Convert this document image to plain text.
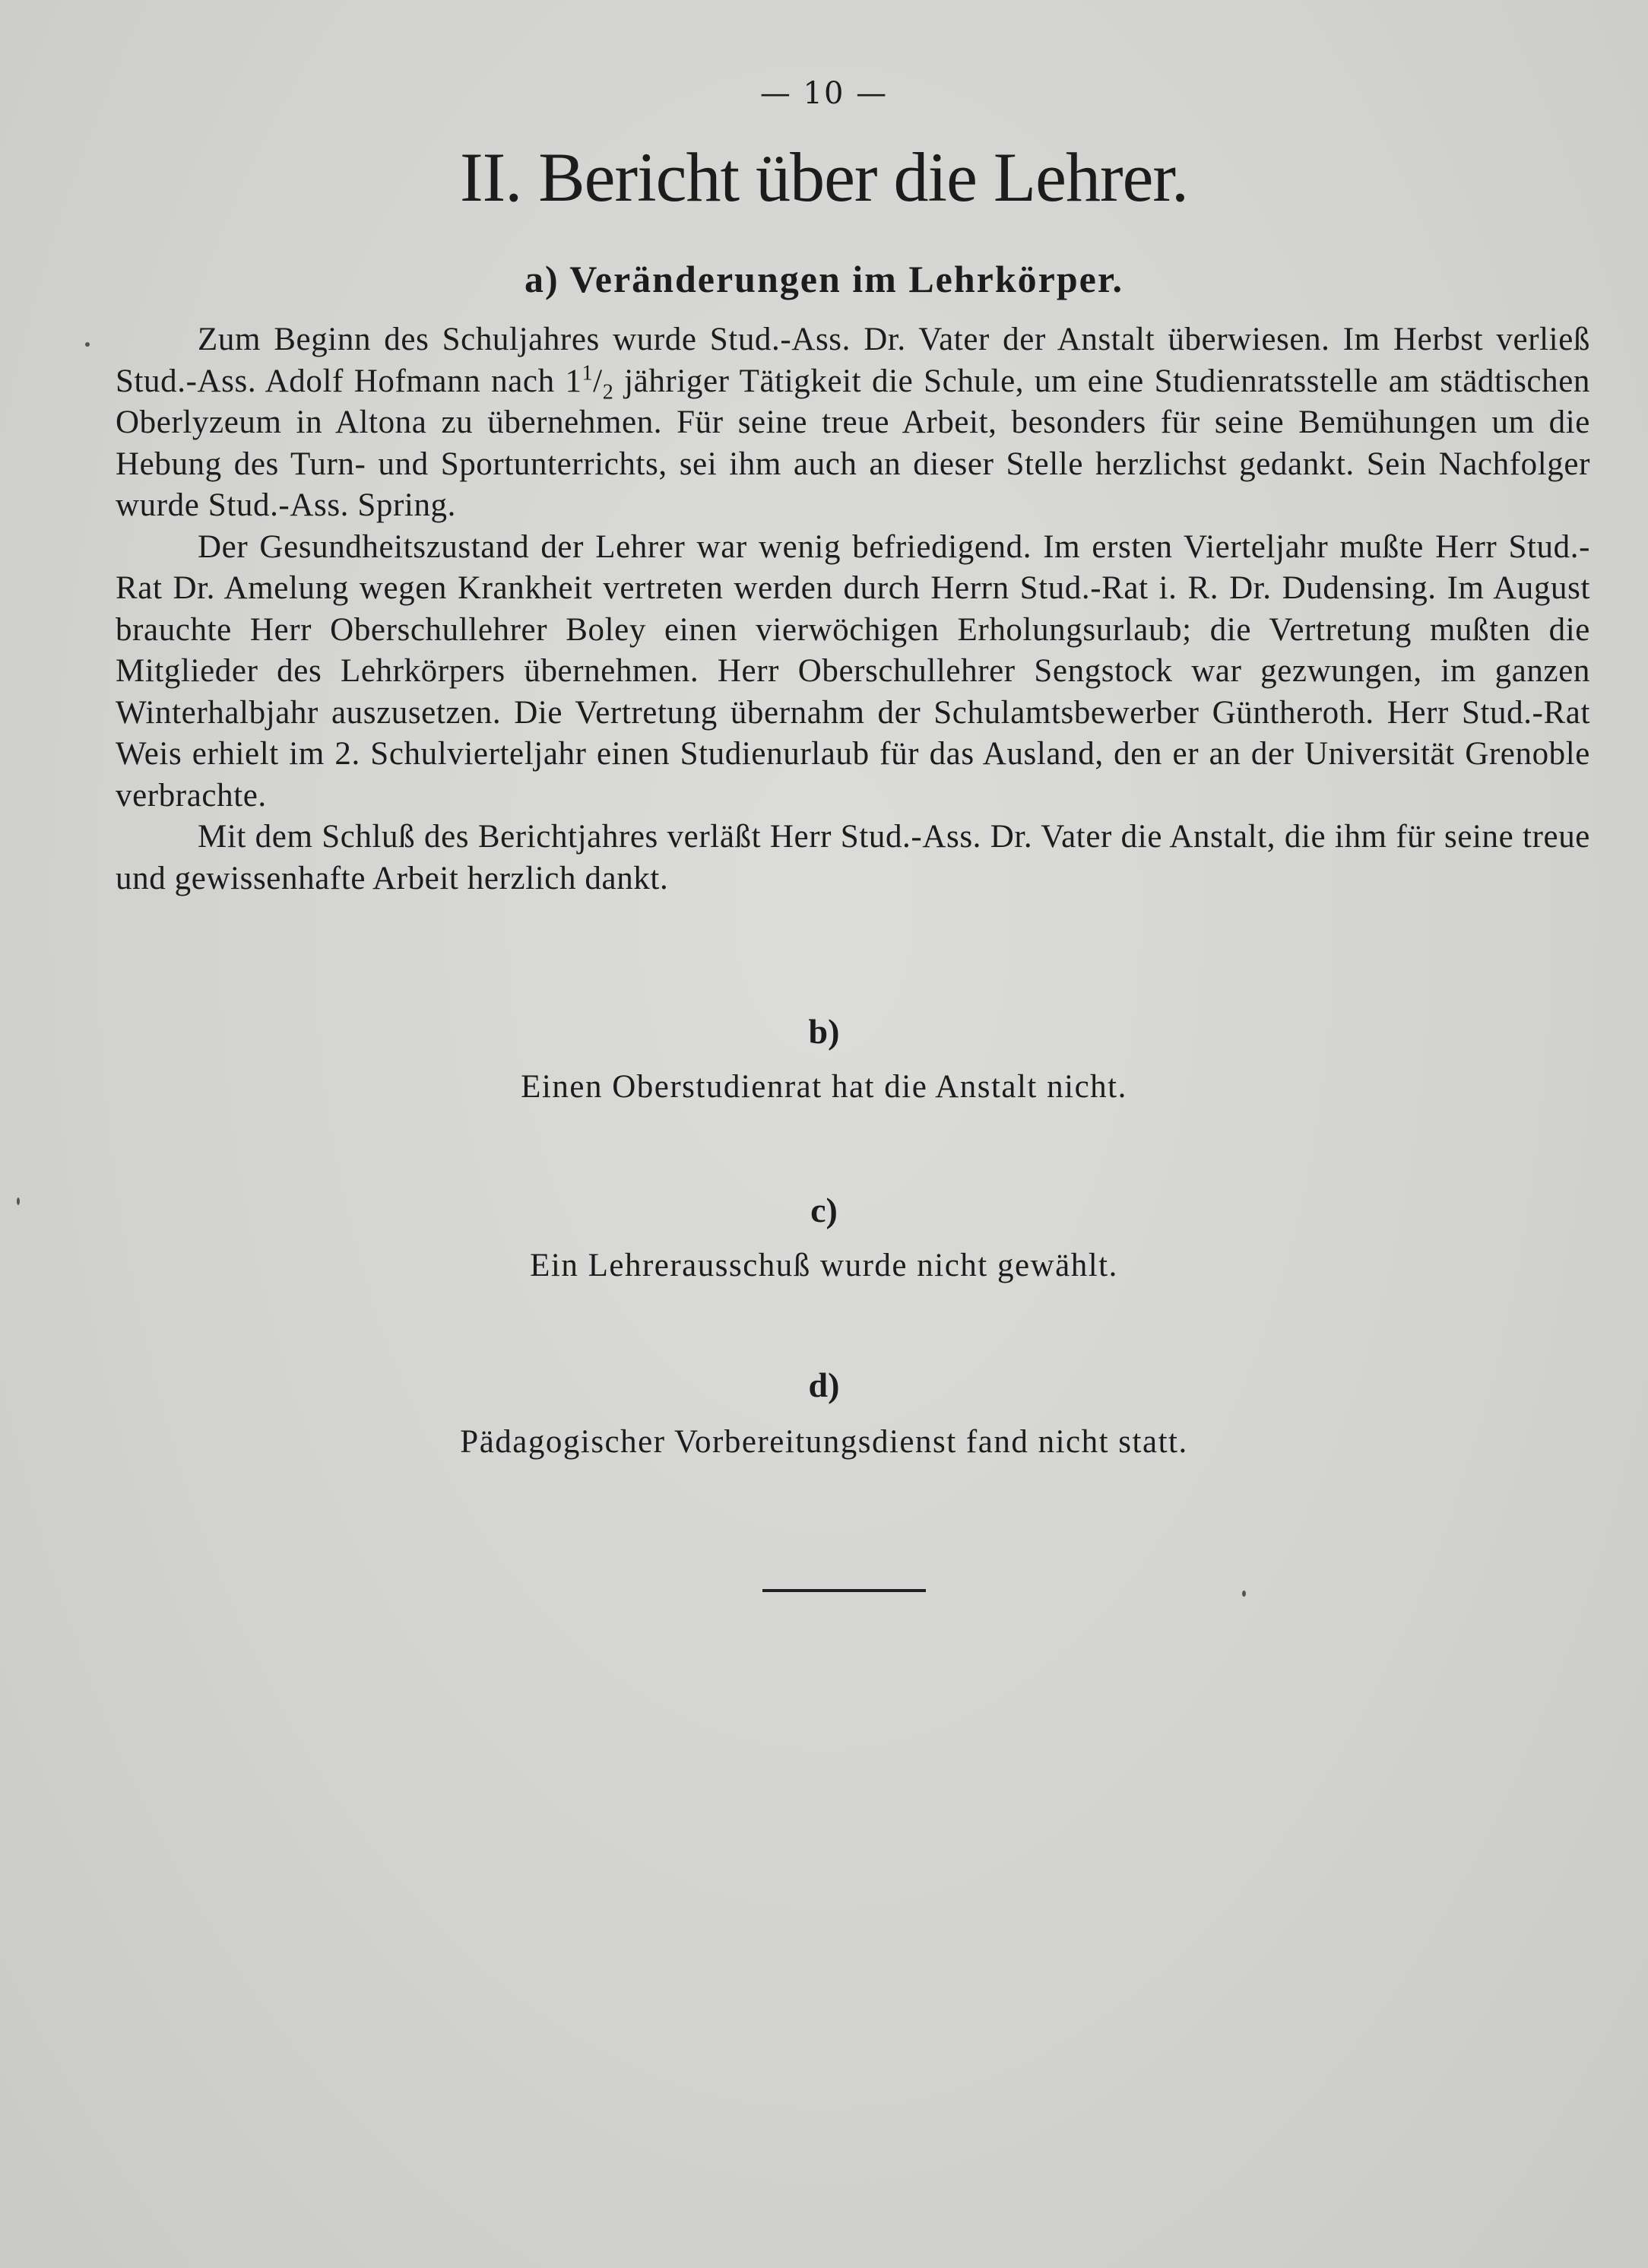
— 10 —
II. Bericht über die Lehrer.
a) Veränderungen im Lehrkörper.

Zum Beginn des Schuljahres wurde Stud.-Ass. Dr. Vater der Anstalt überwiesen. Im Herbst verließ Stud.-Ass. Adolf Hofmann nach $1^1/_2$ jähriger Tätigkeit die Schule, um eine Studienratsstelle am städtischen Oberlyzeum in Altona zu übernehmen. Für seine treue Arbeit, besonders für seine Bemühungen um die Hebung des Turn- und Sportunterrichts, sei ihm auch an dieser Stelle herzlichst gedankt. Sein Nachfolger wurde Stud.-Ass. Spring.

Der Gesundheitszustand der Lehrer war wenig befriedigend. Im ersten Vierteljahr mußte Herr Stud.-Rat Dr. Amelung wegen Krankheit vertreten werden durch Herrn Stud.-Rat i. R. Dr. Dudensing. Im August brauchte Herr Oberschullehrer Boley einen vierwöchigen Erholungsurlaub; die Vertretung mußten die Mitglieder des Lehrkörpers übernehmen. Herr Oberschullehrer Sengstock war gezwungen, im ganzen Winterhalbjahr auszusetzen. Die Vertretung übernahm der Schulamtsbewerber Güntheroth. Herr Stud.-Rat Weis erhielt im 2. Schulvierteljahr einen Studienurlaub für das Ausland, den er an der Universität Grenoble verbrachte.

Mit dem Schluß des Berichtjahres verläßt Herr Stud.-Ass. Dr. Vater die Anstalt, die ihm für seine treue und gewissenhafte Arbeit herzlich dankt.

b)
Einen Oberstudienrat hat die Anstalt nicht.
c)
Ein Lehrerausschuß wurde nicht gewählt.
d)
Pädagogischer Vorbereitungsdienst fand nicht statt.
